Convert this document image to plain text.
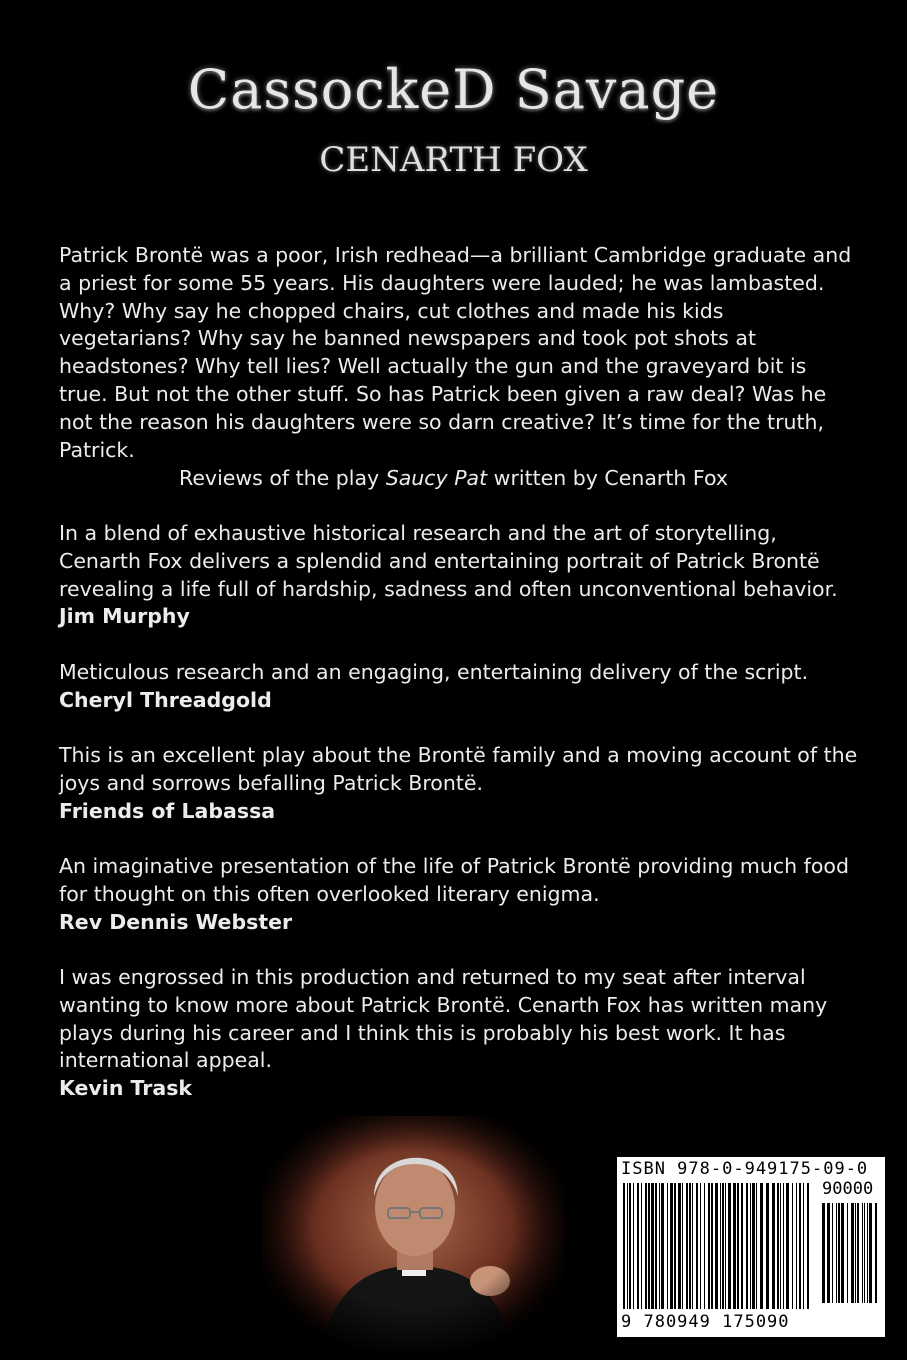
CassockeD Savage
CENARTH FOX

Patrick Brontë was a poor, Irish redhead—a brilliant Cambridge graduate and a priest for some 55 years. His daughters were lauded; he was lambasted. Why? Why say he chopped chairs, cut clothes and made his kids vegetarians? Why say he banned newspapers and took pot shots at headstones? Why tell lies? Well actually the gun and the graveyard bit is true. But not the other stuff. So has Patrick been given a raw deal? Was he not the reason his daughters were so darn creative? It’s time for the truth, Patrick.

Reviews of the play Saucy Pat written by Cenarth Fox

In a blend of exhaustive historical research and the art of storytelling, Cenarth Fox delivers a splendid and entertaining portrait of Patrick Brontë revealing a life full of hardship, sadness and often unconventional behavior.

Jim Murphy

Meticulous research and an engaging, entertaining delivery of the script.

Cheryl Threadgold

This is an excellent play about the Brontë family and a moving account of the joys and sorrows befalling Patrick Brontë.

Friends of Labassa

An imaginative presentation of the life of Patrick Brontë providing much food for thought on this often overlooked literary enigma.

Rev Dennis Webster

I was engrossed in this production and returned to my seat after interval wanting to know more about Patrick Brontë. Cenarth Fox has written many plays during his career and I think this is probably his best work. It has international appeal.

Kevin Trask

ISBN 978-0-949175-09-0
90000
9 780949 175090
